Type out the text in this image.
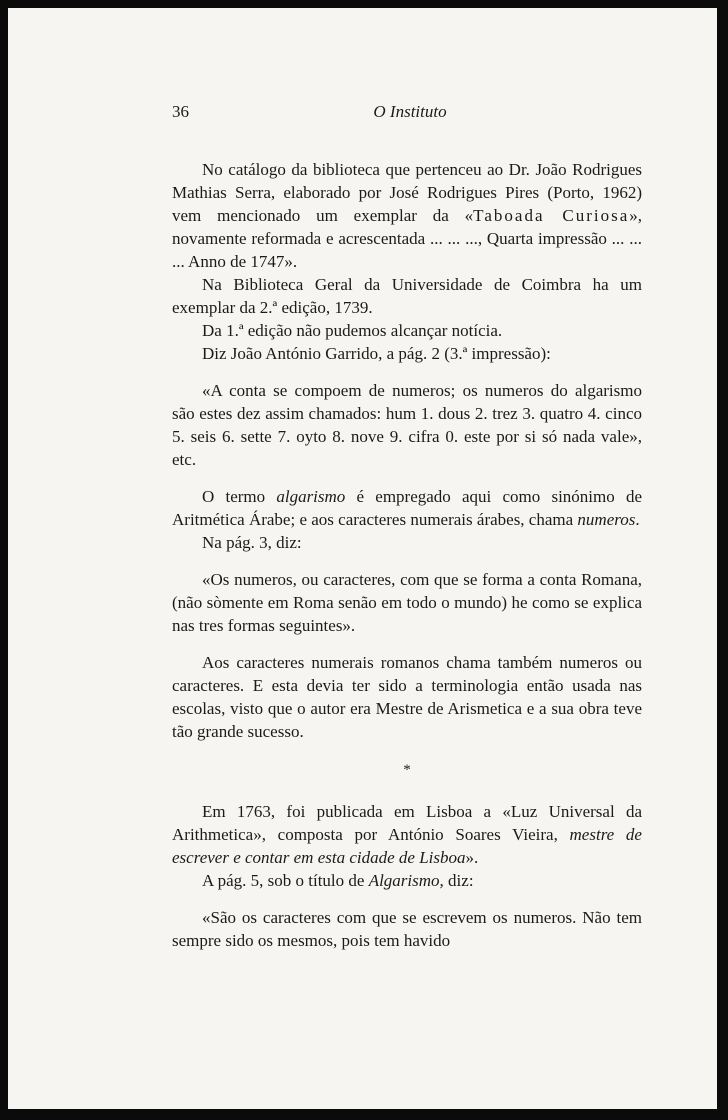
36	O Instituto

No catálogo da biblioteca que pertenceu ao Dr. João Rodrigues Mathias Serra, elaborado por José Rodrigues Pires (Porto, 1962) vem mencionado um exemplar da «Taboada Curiosa», novamente reformada e acrescentada ... ... ..., Quarta impressão ... ... ... Anno de 1747».

Na Biblioteca Geral da Universidade de Coimbra ha um exemplar da 2.ª edição, 1739.

Da 1.ª edição não pudemos alcançar notícia.

Diz João António Garrido, a pág. 2 (3.ª impressão):

«A conta se compoem de numeros; os numeros do algarismo são estes dez assim chamados: hum 1. dous 2. trez 3. quatro 4. cinco 5. seis 6. sette 7. oyto 8. nove 9. cifra 0. este por si só nada vale», etc.

O termo algarismo é empregado aqui como sinónimo de Aritmética Árabe; e aos caracteres numerais árabes, chama numeros.

Na pág. 3, diz:

«Os numeros, ou caracteres, com que se forma a conta Romana, (não sòmente em Roma senão em todo o mundo) he como se explica nas tres formas seguintes».

Aos caracteres numerais romanos chama também numeros ou caracteres. E esta devia ter sido a terminologia então usada nas escolas, visto que o autor era Mestre de Arismetica e a sua obra teve tão grande sucesso.

*

Em 1763, foi publicada em Lisboa a «Luz Universal da Arithmetica», composta por António Soares Vieira, mestre de escrever e contar em esta cidade de Lisboa».

A pág. 5, sob o título de Algarismo, diz:

«São os caracteres com que se escrevem os numeros. Não tem sempre sido os mesmos, pois tem havido
